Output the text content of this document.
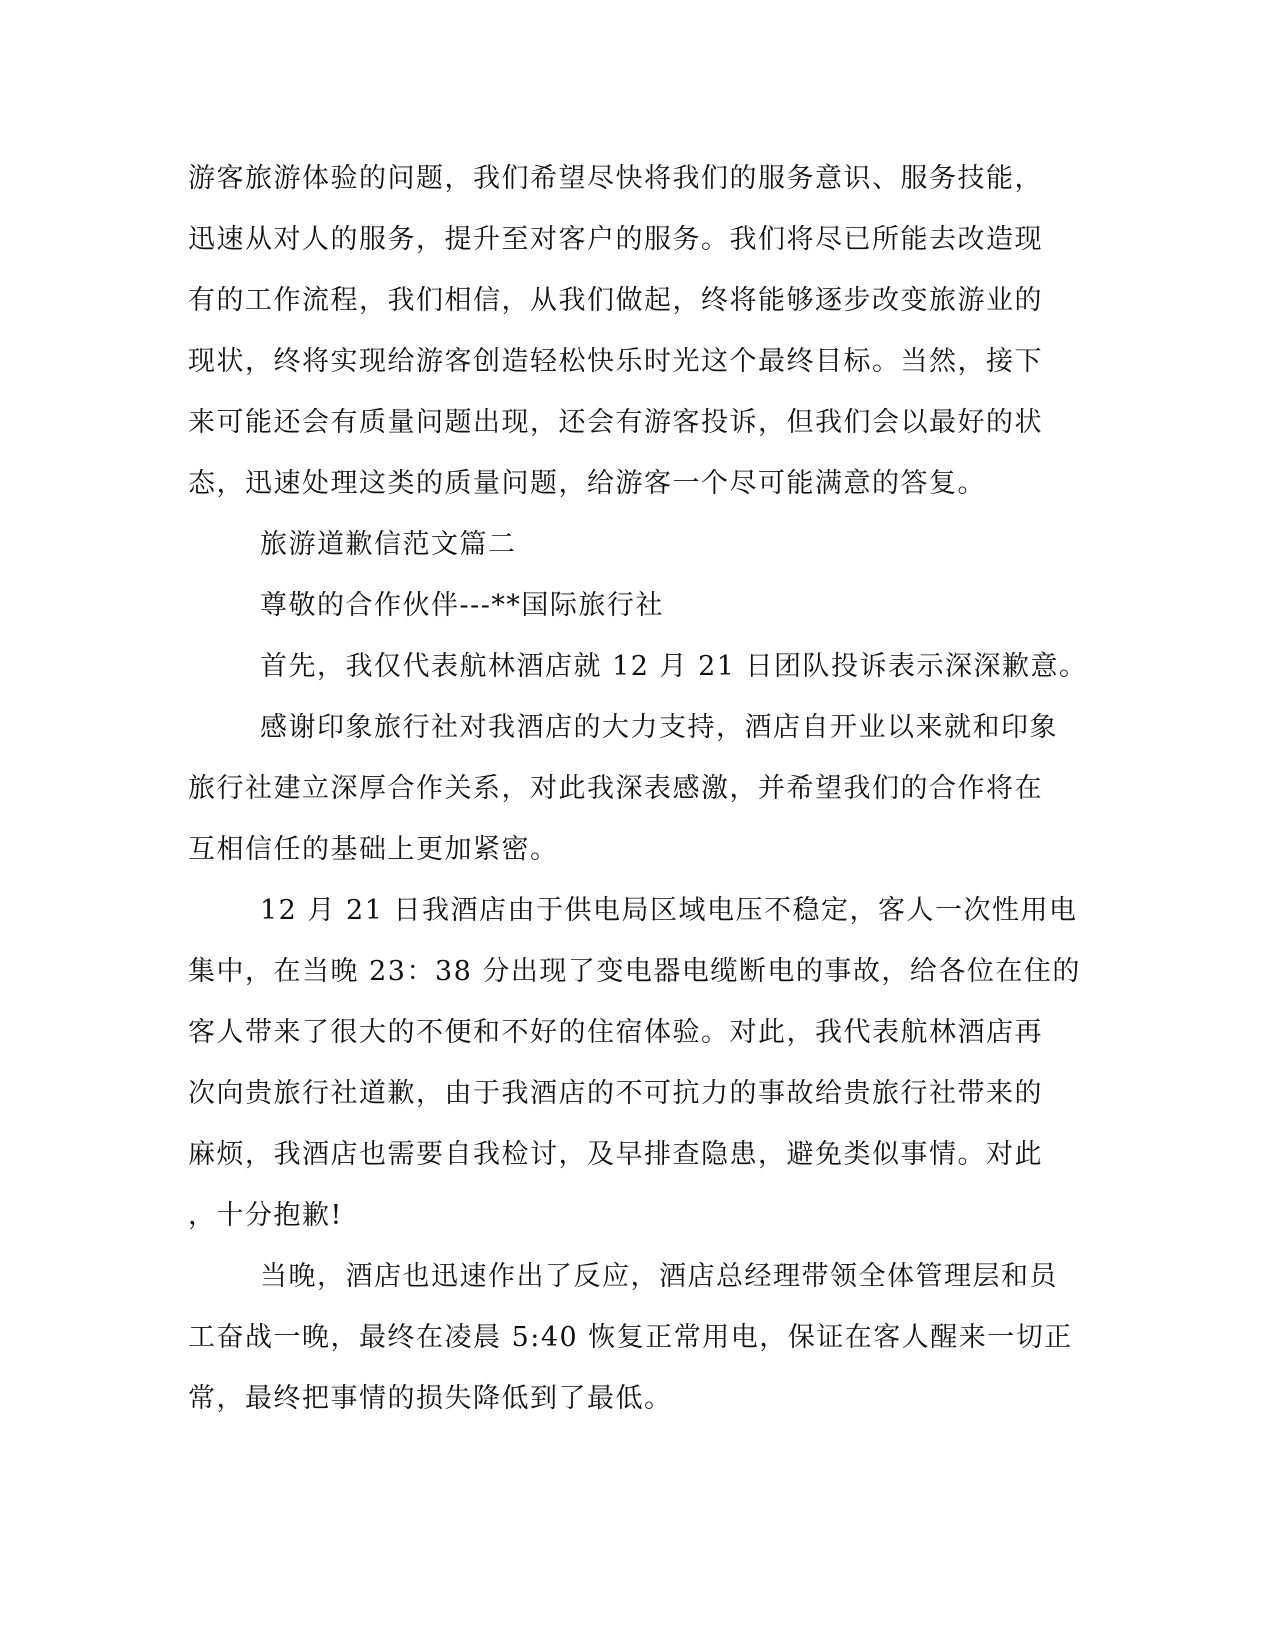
游客旅游体验的问题，我们希望尽快将我们的服务意识、服务技能，
迅速从对人的服务，提升至对客户的服务。我们将尽已所能去改造现
有的工作流程，我们相信，从我们做起，终将能够逐步改变旅游业的
现状，终将实现给游客创造轻松快乐时光这个最终目标。当然，接下
来可能还会有质量问题出现，还会有游客投诉，但我们会以最好的状
态，迅速处理这类的质量问题，给游客一个尽可能满意的答复。
旅游道歉信范文篇二
尊敬的合作伙伴---**国际旅行社
首先，我仅代表航林酒店就 12 月 21 日团队投诉表示深深歉意。
感谢印象旅行社对我酒店的大力支持，酒店自开业以来就和印象
旅行社建立深厚合作关系，对此我深表感激，并希望我们的合作将在
互相信任的基础上更加紧密。
12 月 21 日我酒店由于供电局区域电压不稳定，客人一次性用电
集中，在当晚 23：38 分出现了变电器电缆断电的事故，给各位在住的
客人带来了很大的不便和不好的住宿体验。对此，我代表航林酒店再
次向贵旅行社道歉，由于我酒店的不可抗力的事故给贵旅行社带来的
麻烦，我酒店也需要自我检讨，及早排查隐患，避免类似事情。对此
，十分抱歉!
当晚，酒店也迅速作出了反应，酒店总经理带领全体管理层和员
工奋战一晚，最终在凌晨 5:40 恢复正常用电，保证在客人醒来一切正
常，最终把事情的损失降低到了最低。
